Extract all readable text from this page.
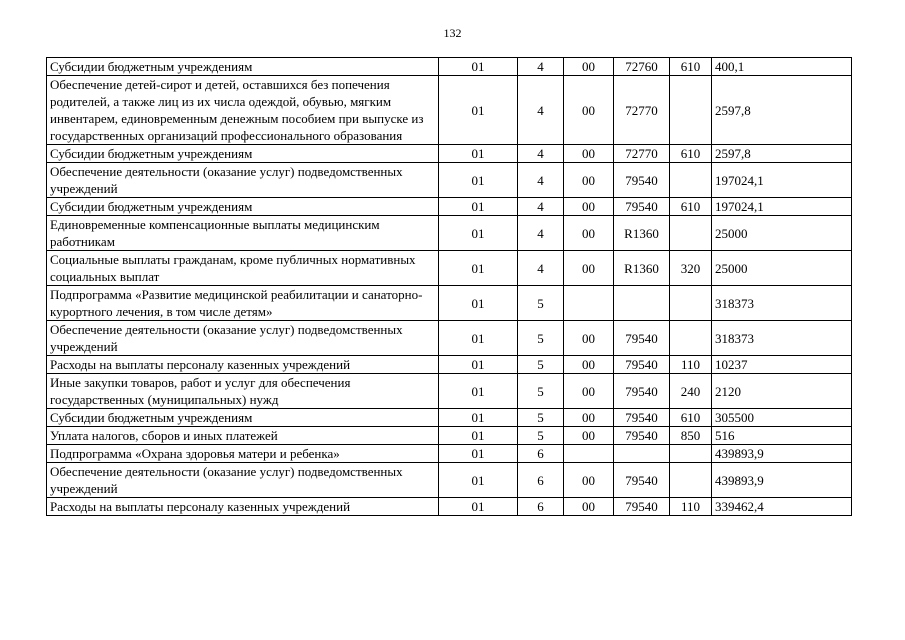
132
Субсидии бюджетным учреждениям	01	4	00	72760	610	400,1
Обеспечение детей-сирот и детей, оставшихся без попечения родителей, а также лиц из их числа одеждой, обувью, мягким инвентарем, единовременным денежным пособием при выпуске из государственных организаций профессионального образования	01	4	00	72770		2597,8
Субсидии бюджетным учреждениям	01	4	00	72770	610	2597,8
Обеспечение деятельности (оказание услуг) подведомственных учреждений	01	4	00	79540		197024,1
Субсидии бюджетным учреждениям	01	4	00	79540	610	197024,1
Единовременные компенсационные выплаты медицинским работникам	01	4	00	R1360		25000
Социальные выплаты гражданам, кроме публичных нормативных социальных выплат	01	4	00	R1360	320	25000
Подпрограмма «Развитие медицинской реабилитации и санаторно-курортного лечения, в том числе детям»	01	5				318373
Обеспечение деятельности (оказание услуг) подведомственных учреждений	01	5	00	79540		318373
Расходы на выплаты персоналу казенных учреждений	01	5	00	79540	110	10237
Иные закупки товаров, работ и услуг для обеспечения государственных (муниципальных) нужд	01	5	00	79540	240	2120
Субсидии бюджетным учреждениям	01	5	00	79540	610	305500
Уплата налогов, сборов и иных платежей	01	5	00	79540	850	516
Подпрограмма «Охрана здоровья матери и ребенка»	01	6				439893,9
Обеспечение деятельности (оказание услуг) подведомственных учреждений	01	6	00	79540		439893,9
Расходы на выплаты персоналу казенных учреждений	01	6	00	79540	110	339462,4
